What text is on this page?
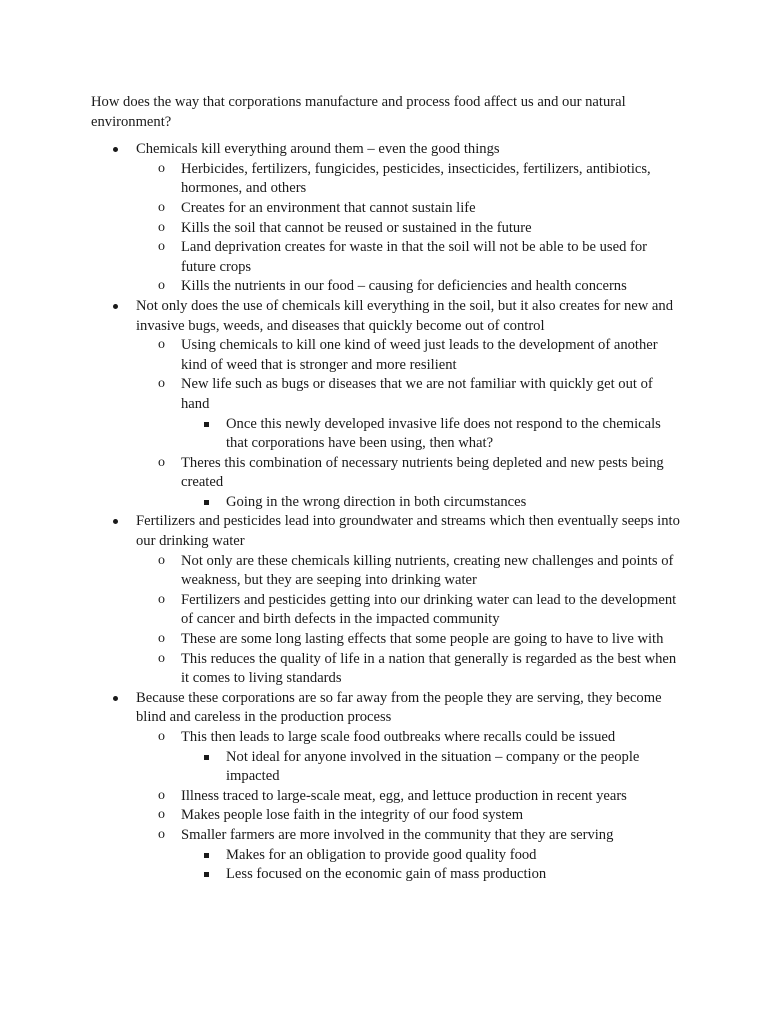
How does the way that corporations manufacture and process food affect us and our natural environment?

Chemicals kill everything around them – even the good things
o	Herbicides, fertilizers, fungicides, pesticides, insecticides, fertilizers, antibiotics, hormones, and others
o	Creates for an environment that cannot sustain life
o	Kills the soil that cannot be reused or sustained in the future
o	Land deprivation creates for waste in that the soil will not be able to be used for future crops
o	Kills the nutrients in our food – causing for deficiencies and health concerns
Not only does the use of chemicals kill everything in the soil, but it also creates for new and invasive bugs, weeds, and diseases that quickly become out of control
o	Using chemicals to kill one kind of weed just leads to the development of another kind of weed that is stronger and more resilient
o	New life such as bugs or diseases that we are not familiar with quickly get out of hand
Once this newly developed invasive life does not respond to the chemicals that corporations have been using, then what?
o	Theres this combination of necessary nutrients being depleted and new pests being created
Going in the wrong direction in both circumstances
Fertilizers and pesticides lead into groundwater and streams which then eventually seeps into our drinking water
o	Not only are these chemicals killing nutrients, creating new challenges and points of weakness, but they are seeping into drinking water
o	Fertilizers and pesticides getting into our drinking water can lead to the development of cancer and birth defects in the impacted community
o	These are some long lasting effects that some people are going to have to live with
o	This reduces the quality of life in a nation that generally is regarded as the best when it comes to living standards
Because these corporations are so far away from the people they are serving, they become blind and careless in the production process
o	This then leads to large scale food outbreaks where recalls could be issued
Not ideal for anyone involved in the situation – company or the people impacted
o	Illness traced to large-scale meat, egg, and lettuce production in recent years
o	Makes people lose faith in the integrity of our food system
o	Smaller farmers are more involved in the community that they are serving
Makes for an obligation to provide good quality food
Less focused on the economic gain of mass production
